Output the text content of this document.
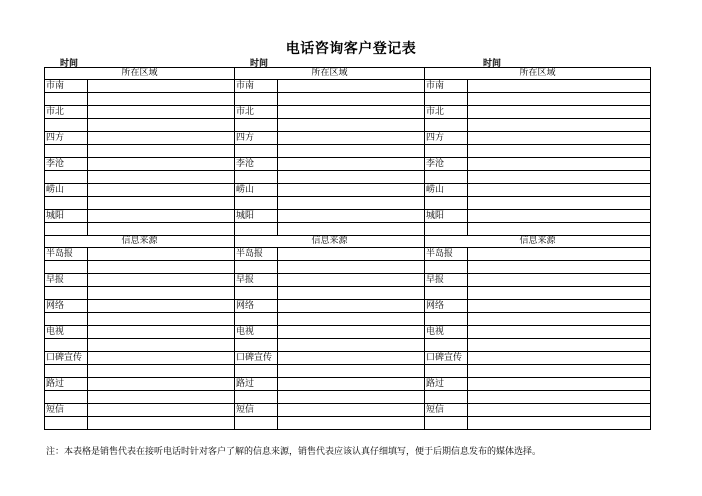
电话咨询客户登记表
时间	时间	时间
所在区域		所在区域		所在区域	
市南		市南		市南	

市北		市北		市北	

四方		四方		四方	

李沧		李沧		李沧	

崂山		崂山		崂山	

城阳		城阳		城阳	

信息来源		信息来源		信息来源	
半岛报		半岛报		半岛报	

早报		早报		早报	

网络		网络		网络	

电视		电视		电视	

口碑宣传		口碑宣传		口碑宣传	

路过		路过		路过	

短信		短信		短信	

注：本表格是销售代表在接听电话时针对客户了解的信息来源，销售代表应该认真仔细填写，便于后期信息发布的媒体选择。
